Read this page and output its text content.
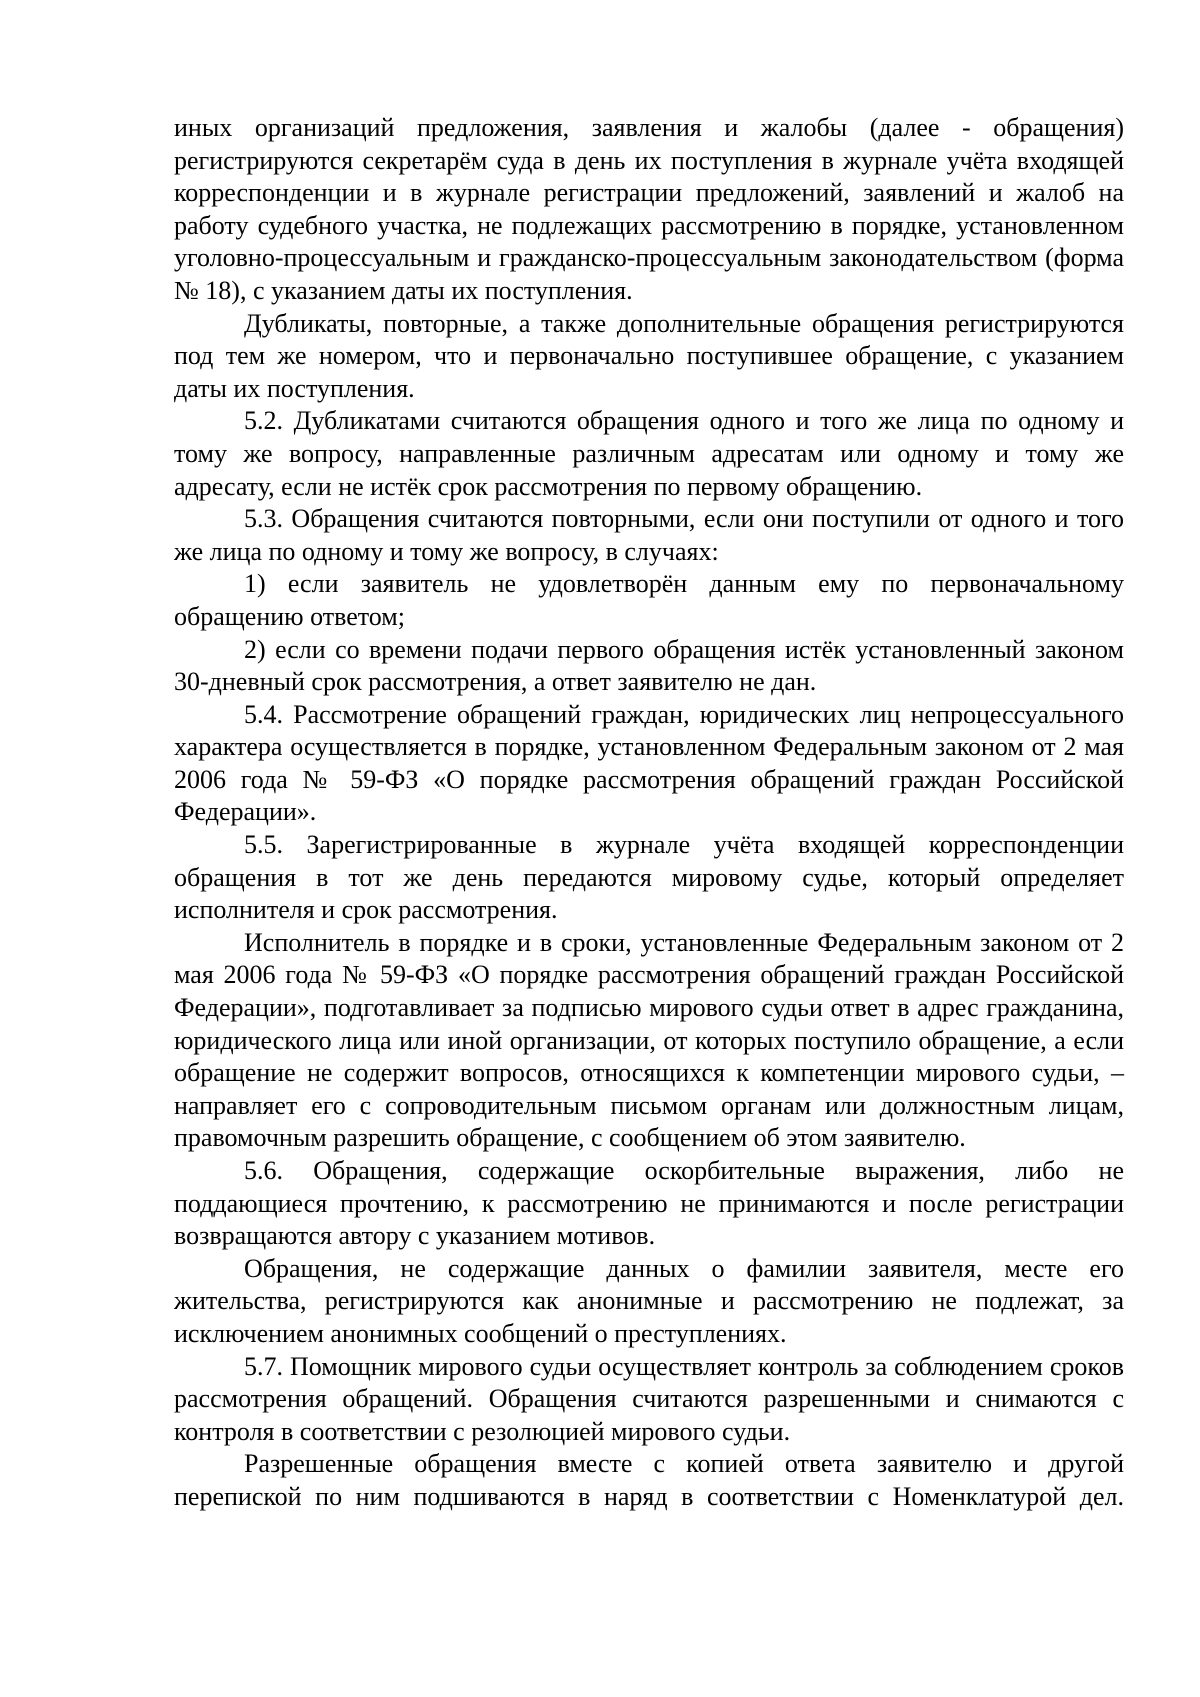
иных организаций предложения, заявления и жалобы (далее - обращения) регистрируются секретарём суда в день их поступления в журнале учёта входящей корреспонденции и в журнале регистрации предложений, заявлений и жалоб на работу судебного участка, не подлежащих рассмотрению в порядке, установленном уголовно-процессуальным и гражданско-процессуальным законодательством (форма № 18), с указанием даты их поступления.

Дубликаты, повторные, а также дополнительные обращения регистрируются под тем же номером, что и первоначально поступившее обращение, с указанием даты их поступления.

5.2. Дубликатами считаются обращения одного и того же лица по одному и тому же вопросу, направленные различным адресатам или одному и тому же адресату, если не истёк срок рассмотрения по первому обращению.

5.3. Обращения считаются повторными, если они поступили от одного и того же лица по одному и тому же вопросу, в случаях:

1) если заявитель не удовлетворён данным ему по первоначальному обращению ответом;

2) если со времени подачи первого обращения истёк установленный законом 30-дневный срок рассмотрения, а ответ заявителю не дан.

5.4. Рассмотрение обращений граждан, юридических лиц непроцессуального характера осуществляется в порядке, установленном Федеральным законом от 2 мая 2006 года № 59-ФЗ «О порядке рассмотрения обращений граждан Российской Федерации».

5.5. Зарегистрированные в журнале учёта входящей корреспонденции обращения в тот же день передаются мировому судье, который определяет исполнителя и срок рассмотрения.

Исполнитель в порядке и в сроки, установленные Федеральным законом от 2 мая 2006 года № 59-ФЗ «О порядке рассмотрения обращений граждан Российской Федерации», подготавливает за подписью мирового судьи ответ в адрес гражданина, юридического лица или иной организации, от которых поступило обращение, а если обращение не содержит вопросов, относящихся к компетенции мирового судьи, – направляет его с сопроводительным письмом органам или должностным лицам, правомочным разрешить обращение, с сообщением об этом заявителю.

5.6. Обращения, содержащие оскорбительные выражения, либо не поддающиеся прочтению, к рассмотрению не принимаются и после регистрации возвращаются автору с указанием мотивов.

Обращения, не содержащие данных о фамилии заявителя, месте его жительства, регистрируются как анонимные и рассмотрению не подлежат, за исключением анонимных сообщений о преступлениях.

5.7. Помощник мирового судьи осуществляет контроль за соблюдением сроков рассмотрения обращений. Обращения считаются разрешенными и снимаются с контроля в соответствии с резолюцией мирового судьи.

Разрешенные обращения вместе с копией ответа заявителю и другой перепиской по ним подшиваются в наряд в соответствии с Номенклатурой дел.
